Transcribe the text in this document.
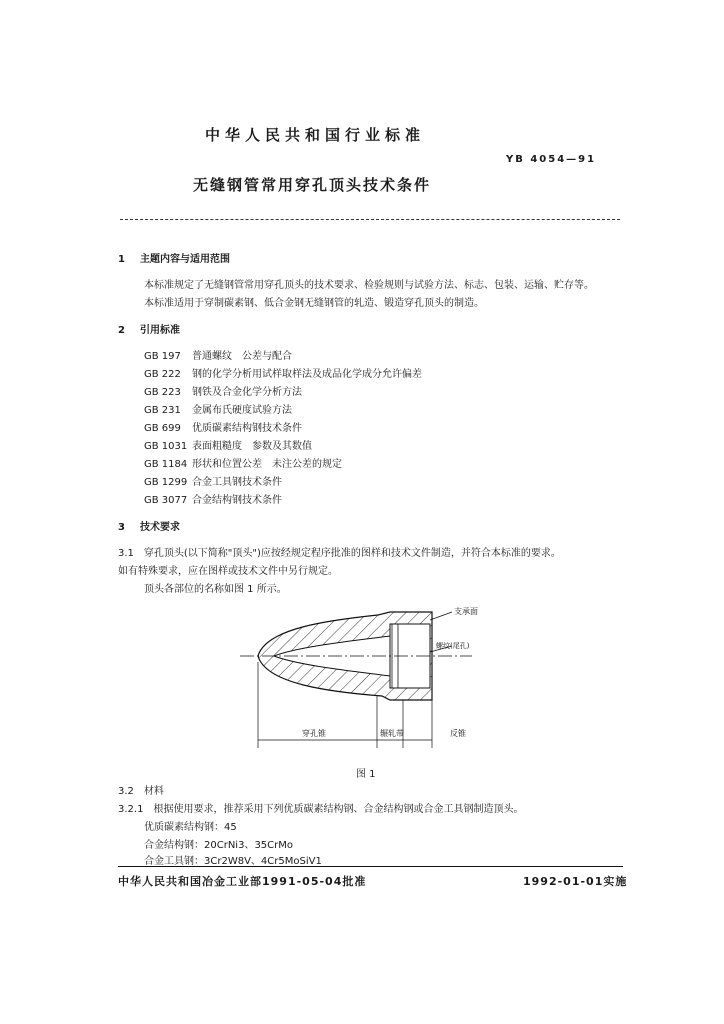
中华人民共和国行业标准
YB 4054—91
无缝钢管常用穿孔顶头技术条件
1 主题内容与适用范围
本标准规定了无缝钢管常用穿孔顶头的技术要求、检验规则与试验方法、标志、包装、运输、贮存等。
本标准适用于穿制碳素钢、低合金钢无缝钢管的轧造、锻造穿孔顶头的制造。
2 引用标准
GB 197 普通螺纹　公差与配合
GB 222 钢的化学分析用试样取样法及成品化学成分允许偏差
GB 223 钢铁及合金化学分析方法
GB 231 金属布氏硬度试验方法
GB 699 优质碳素结构钢技术条件
GB 1031 表面粗糙度　参数及其数值
GB 1184 形状和位置公差　未注公差的规定
GB 1299 合金工具钢技术条件
GB 3077 合金结构钢技术条件
3 技术要求
3.1　穿孔顶头(以下简称"顶头")应按经规定程序批准的图样和技术文件制造，并符合本标准的要求。
如有特殊要求，应在图样或技术文件中另行规定。
顶头各部位的名称如图 1 所示。
支承面
螺纹(尾孔)
穿孔锥	辗轧带	反锥
图 1
3.2　材料
3.2.1　根据使用要求，推荐采用下列优质碳素结构钢、合金结构钢或合金工具钢制造顶头。
优质碳素结构钢：45
合金结构钢：20CrNi3、35CrMo
合金工具钢：3Cr2W8V、4Cr5MoSiV1
中华人民共和国冶金工业部1991-05-04批准	1992-01-01实施
